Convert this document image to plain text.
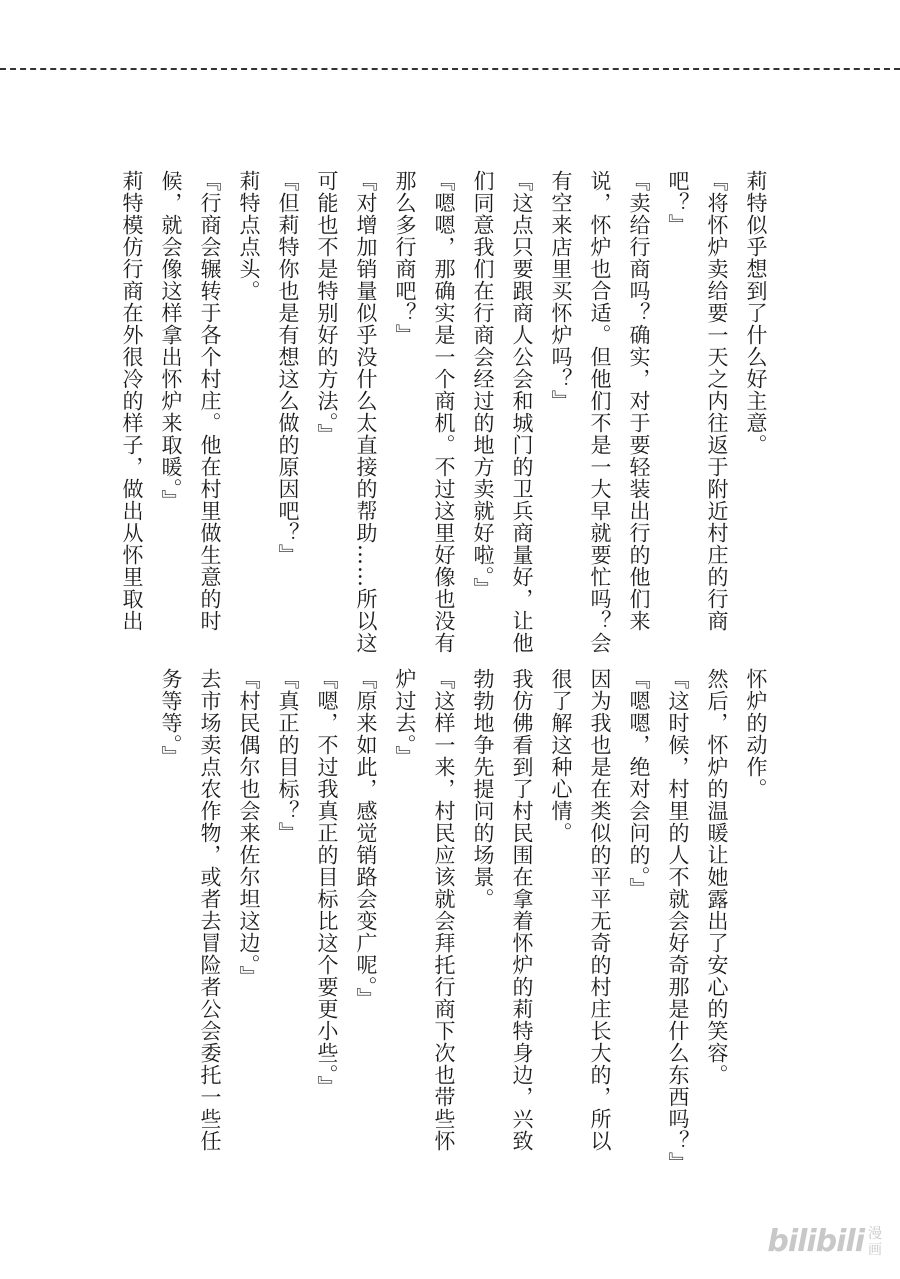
莉特似乎想到了什么好主意。

『将怀炉卖给要一天之内往返于附近村庄的行商吧？』

『卖给行商吗？确实，对于要轻装出行的他们来说，怀炉也合适。但他们不是一大早就要忙吗？会有空来店里买怀炉吗？』

『这点只要跟商人公会和城门的卫兵商量好，让他们同意我们在行商会经过的地方卖就好啦。』

『嗯嗯，那确实是一个商机。不过这里好像也没有那么多行商吧？』

『对增加销量似乎没什么太直接的帮助……所以这可能也不是特别好的方法。』

『但莉特你也是有想这么做的原因吧？』

莉特点点头。

『行商会辗转于各个村庄。他在村里做生意的时候，就会像这样拿出怀炉来取暖。』

莉特模仿行商在外很冷的样子，做出从怀里取出

怀炉的动作。

然后，怀炉的温暖让她露出了安心的笑容。

『这时候，村里的人不就会好奇那是什么东西吗？』

『嗯嗯，绝对会问的。』

因为我也是在类似的平平无奇的村庄长大的，所以很了解这种心情。

我仿佛看到了村民围在拿着怀炉的莉特身边，兴致勃勃地争先提问的场景。

『这样一来，村民应该就会拜托行商下次也带些怀炉过去。』

『原来如此，感觉销路会变广呢。』

『嗯，不过我真正的目标比这个要更小些。』

『真正的目标？』

『村民偶尔也会来佐尔坦这边。』

去市场卖点农作物，或者去冒险者公会委托一些任务等等。』

bilibili 漫
画
